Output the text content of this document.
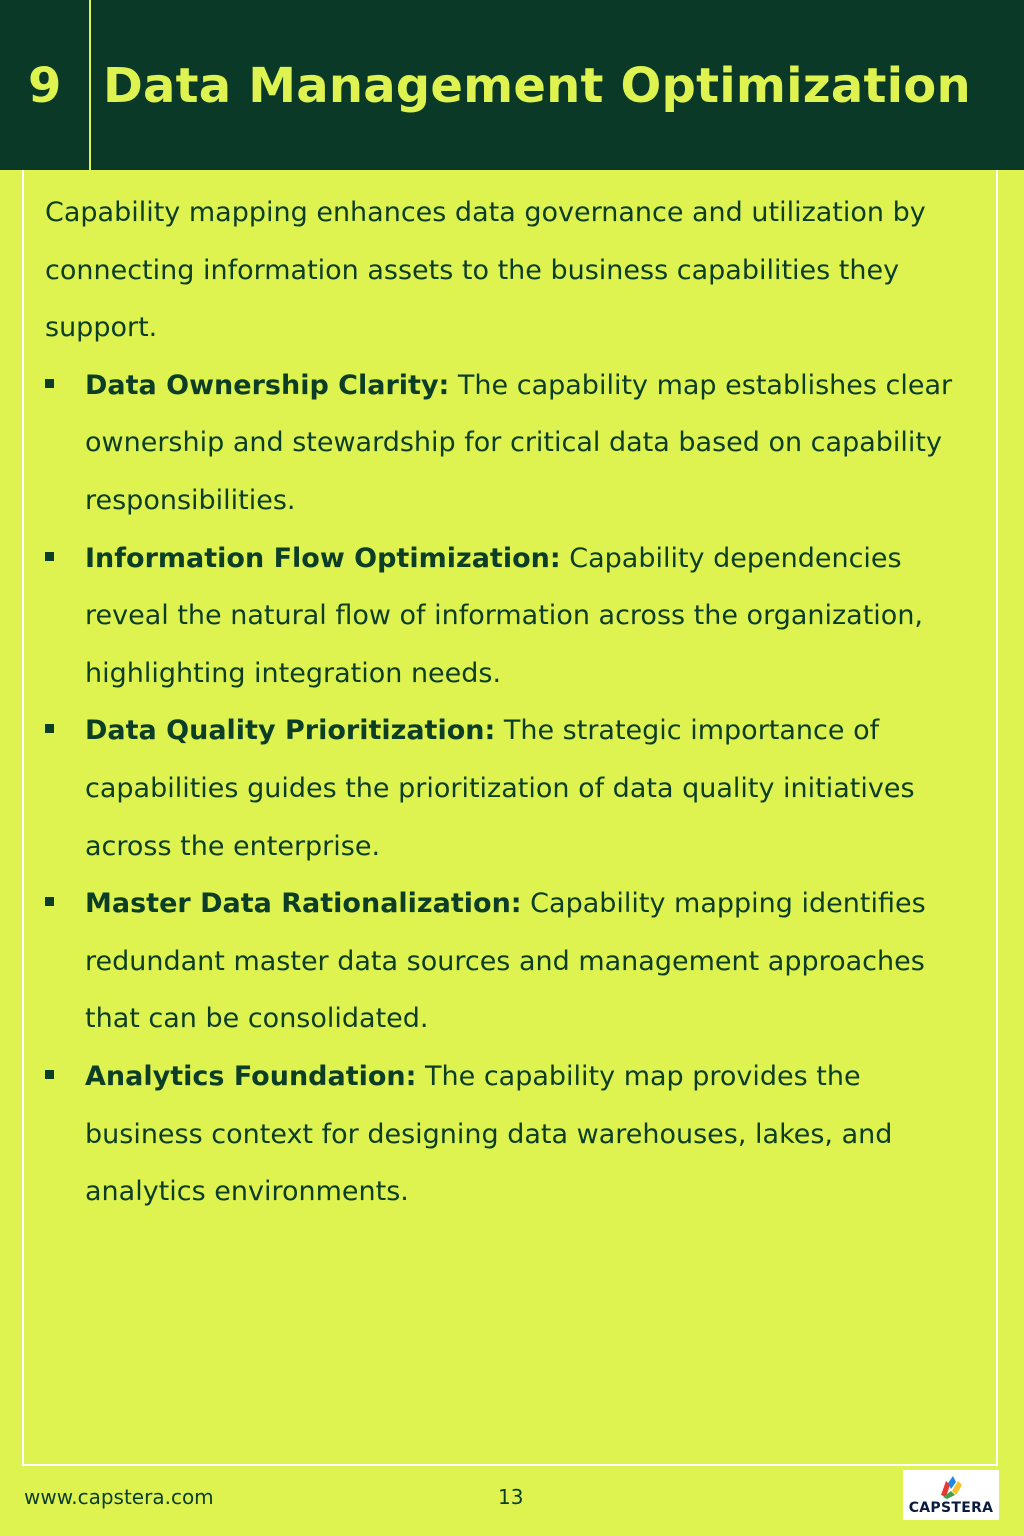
9 Data Management Optimization

Capability mapping enhances data governance and utilization by connecting information assets to the business capabilities they support.

Data Ownership Clarity: The capability map establishes clear ownership and stewardship for critical data based on capability responsibilities.
Information Flow Optimization: Capability dependencies reveal the natural flow of information across the organization, highlighting integration needs.
Data Quality Prioritization: The strategic importance of capabilities guides the prioritization of data quality initiatives across the enterprise.
Master Data Rationalization: Capability mapping identifies redundant master data sources and management approaches that can be consolidated.
Analytics Foundation: The capability map provides the business context for designing data warehouses, lakes, and analytics environments.
www.capstera.com	13	CAPSTERA
